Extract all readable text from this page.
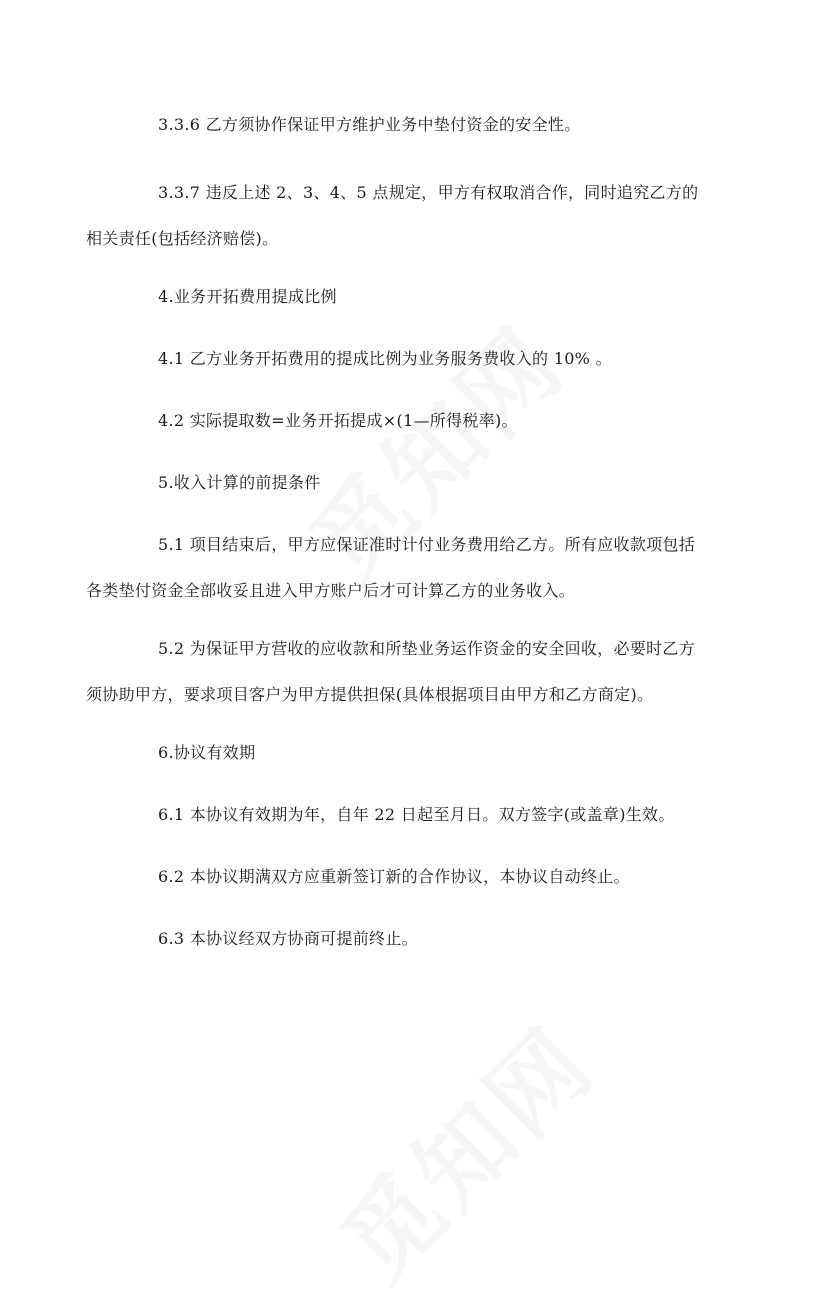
3.3.6 乙方须协作保证甲方维护业务中垫付资金的安全性。

3.3.7 违反上述 2、3、4、5 点规定，甲方有权取消合作，同时追究乙方的
相关责任(包括经济赔偿)。

4.业务开拓费用提成比例

4.1 乙方业务开拓费用的提成比例为业务服务费收入的 10% 。

4.2 实际提取数=业务开拓提成×(1—所得税率)。

5.收入计算的前提条件

5.1 项目结束后，甲方应保证准时计付业务费用给乙方。所有应收款项包括
各类垫付资金全部收妥且进入甲方账户后才可计算乙方的业务收入。

5.2 为保证甲方营收的应收款和所垫业务运作资金的安全回收，必要时乙方
须协助甲方，要求项目客户为甲方提供担保(具体根据项目由甲方和乙方商定)。

6.协议有效期

6.1 本协议有效期为年，自年 22 日起至月日。双方签字(或盖章)生效。

6.2 本协议期满双方应重新签订新的合作协议，本协议自动终止。

6.3 本协议经双方协商可提前终止。
